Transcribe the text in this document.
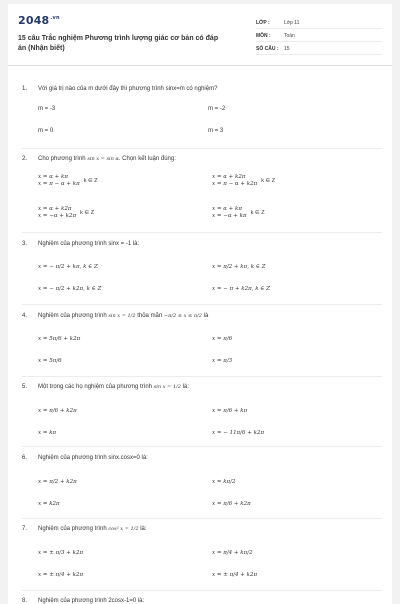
$2048^{.vn}$
15 câu Trắc nghiệm Phương trình lượng giác cơ bản có đáp án (Nhận biết)
LỚP :	Lớp 11
MÔN :	Toán
SỐ CÂU :	15
1. Với giá trị nào của m dưới đây thì phương trình sinx=m có nghiệm?
m = -3	m = -2
m = 0	m = 3
2. Cho phương trình sin x = sin α. Chọn kết luận đúng:
x = α + kπ
x = π − α + kπ k ∈ Z
x = α + k2π
x = π − α + k2π k ∈ Z
x = α + k2π
x = −α + k2π k ∈ Z
x = α + kπ
x = −α + kπ k ∈ Z
3. Nghiệm của phương trình sinx = -1 là:
x = − π/2 + kπ, k ∈ Z	x = π/2 + kπ, k ∈ Z
x = − π/2 + k2π, k ∈ Z	x = − π + k2π, k ∈ Z
4. Nghiệm của phương trình sin x = 1/2 thỏa mãn −π/2 ≤ x ≤ π/2 là
x = 5π/6 + k2π	x = π/6
x = 5π/6	x = π/3
5. Một trong các họ nghiệm của phương trình sin x = 1/2 là:
x = π/6 + k2π	x = π/6 + kπ
x = kπ	x = − 11π/6 + k2π
6. Nghiệm của phương trình sinx.cosx=0 là:
x = π/2 + k2π	x = kπ/2
x = k2π	x = π/6 + k2π
7. Nghiệm của phương trình cos² x = 1/2 là:
x = ± π/3 + k2π	x = π/4 + kπ/2
x = ± π/4 + k2π	x = ± π/4 + k2π
8. Nghiệm của phương trình 2cosx-1=0 là:
